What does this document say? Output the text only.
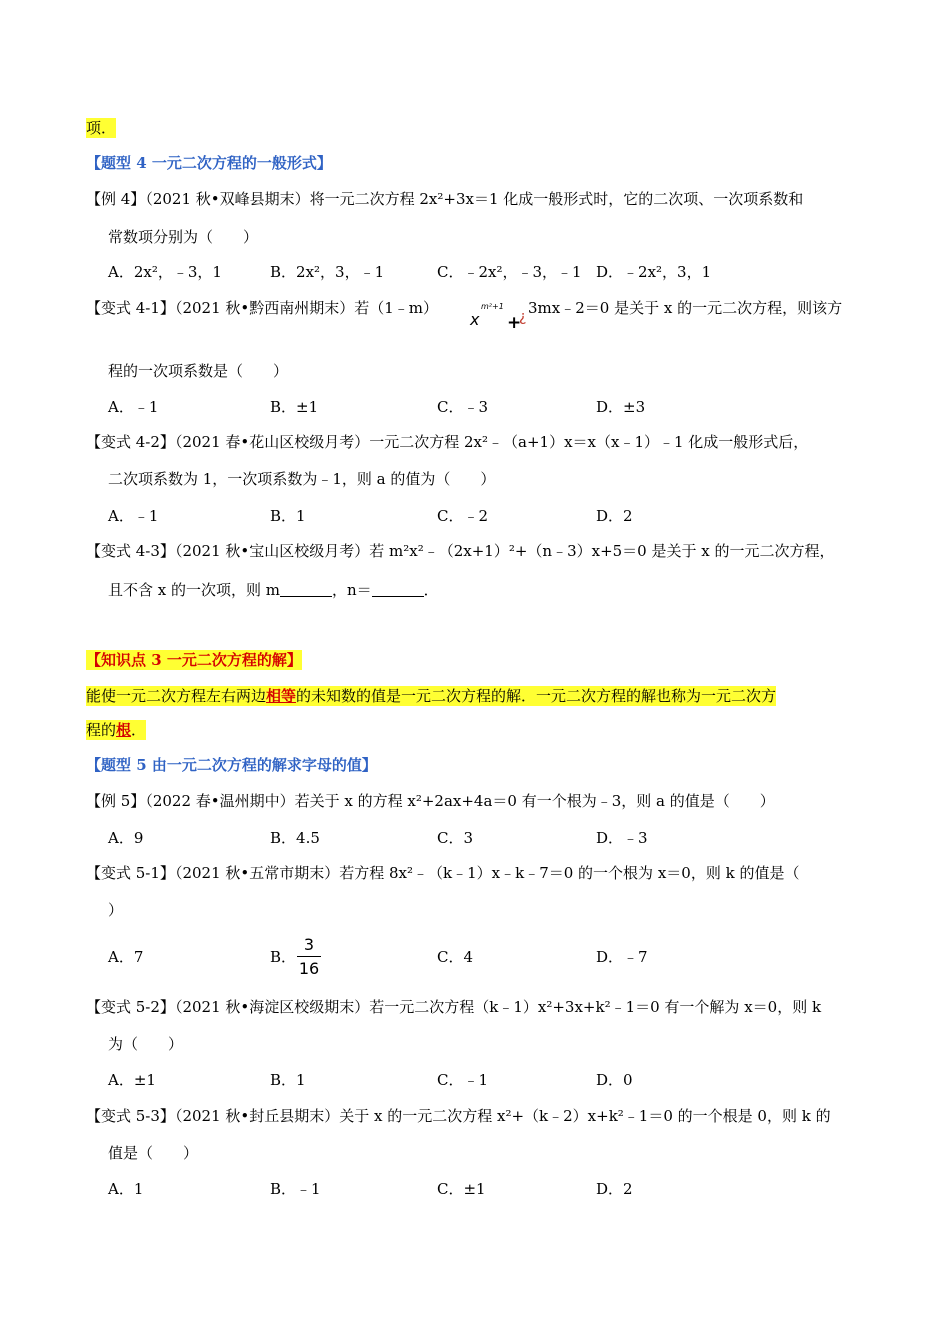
项．
【题型 4 一元二次方程的一般形式】
【例 4】（2021 秋•双峰县期末）将一元二次方程 2x²+3x＝1 化成一般形式时，它的二次项、一次项系数和
常数项分别为（　　）
A．2x²，﹣3，1	B．2x²，3，﹣1	C．﹣2x²，﹣3，﹣1 D．﹣2x²，3，1
【变式 4-1】（2021 秋•黔西南州期末）若（1﹣m）
x
m²+1
+
¿ 3mx﹣2＝0 是关于 x 的一元二次方程，则该方
程的一次项系数是（　　）
A．﹣1	B．±1	C．﹣3	D．±3
【变式 4-2】（2021 春•花山区校级月考）一元二次方程 2x²﹣（a+1）x＝x（x﹣1）﹣1 化成一般形式后，
二次项系数为 1，一次项系数为﹣1，则 a 的值为（　　）
A．﹣1	B．1	C．﹣2	D．2
【变式 4-3】（2021 秋•宝山区校级月考）若 m²x²﹣（2x+1）²+（n﹣3）x+5＝0 是关于 x 的一元二次方程，
且不含 x 的一次项，则 m	，n＝	．
【知识点 3 一元二次方程的解】
能使一元二次方程左右两边相等的未知数的值是一元二次方程的解．一元二次方程的解也称为一元二次方
程的根．
【题型 5 由一元二次方程的解求字母的值】
【例 5】（2022 春•温州期中）若关于 x 的方程 x²+2ax+4a＝0 有一个根为﹣3，则 a 的值是（　　）
A．9	B．4.5	C．3	D．﹣3
【变式 5-1】（2021 秋•五常市期末）若方程 8x²﹣（k﹣1）x﹣k﹣7＝0 的一个根为 x＝0，则 k 的值是（
）
A．7	B．
3
16
C．4	D．﹣7
【变式 5-2】（2021 秋•海淀区校级期末）若一元二次方程（k﹣1）x²+3x+k²﹣1＝0 有一个解为 x＝0，则 k
为（　　）
A．±1	B．1	C．﹣1	D．0
【变式 5-3】（2021 秋•封丘县期末）关于 x 的一元二次方程 x²+（k﹣2）x+k²﹣1＝0 的一个根是 0，则 k 的
值是（　　）
A．1	B．﹣1	C．±1	D．2
